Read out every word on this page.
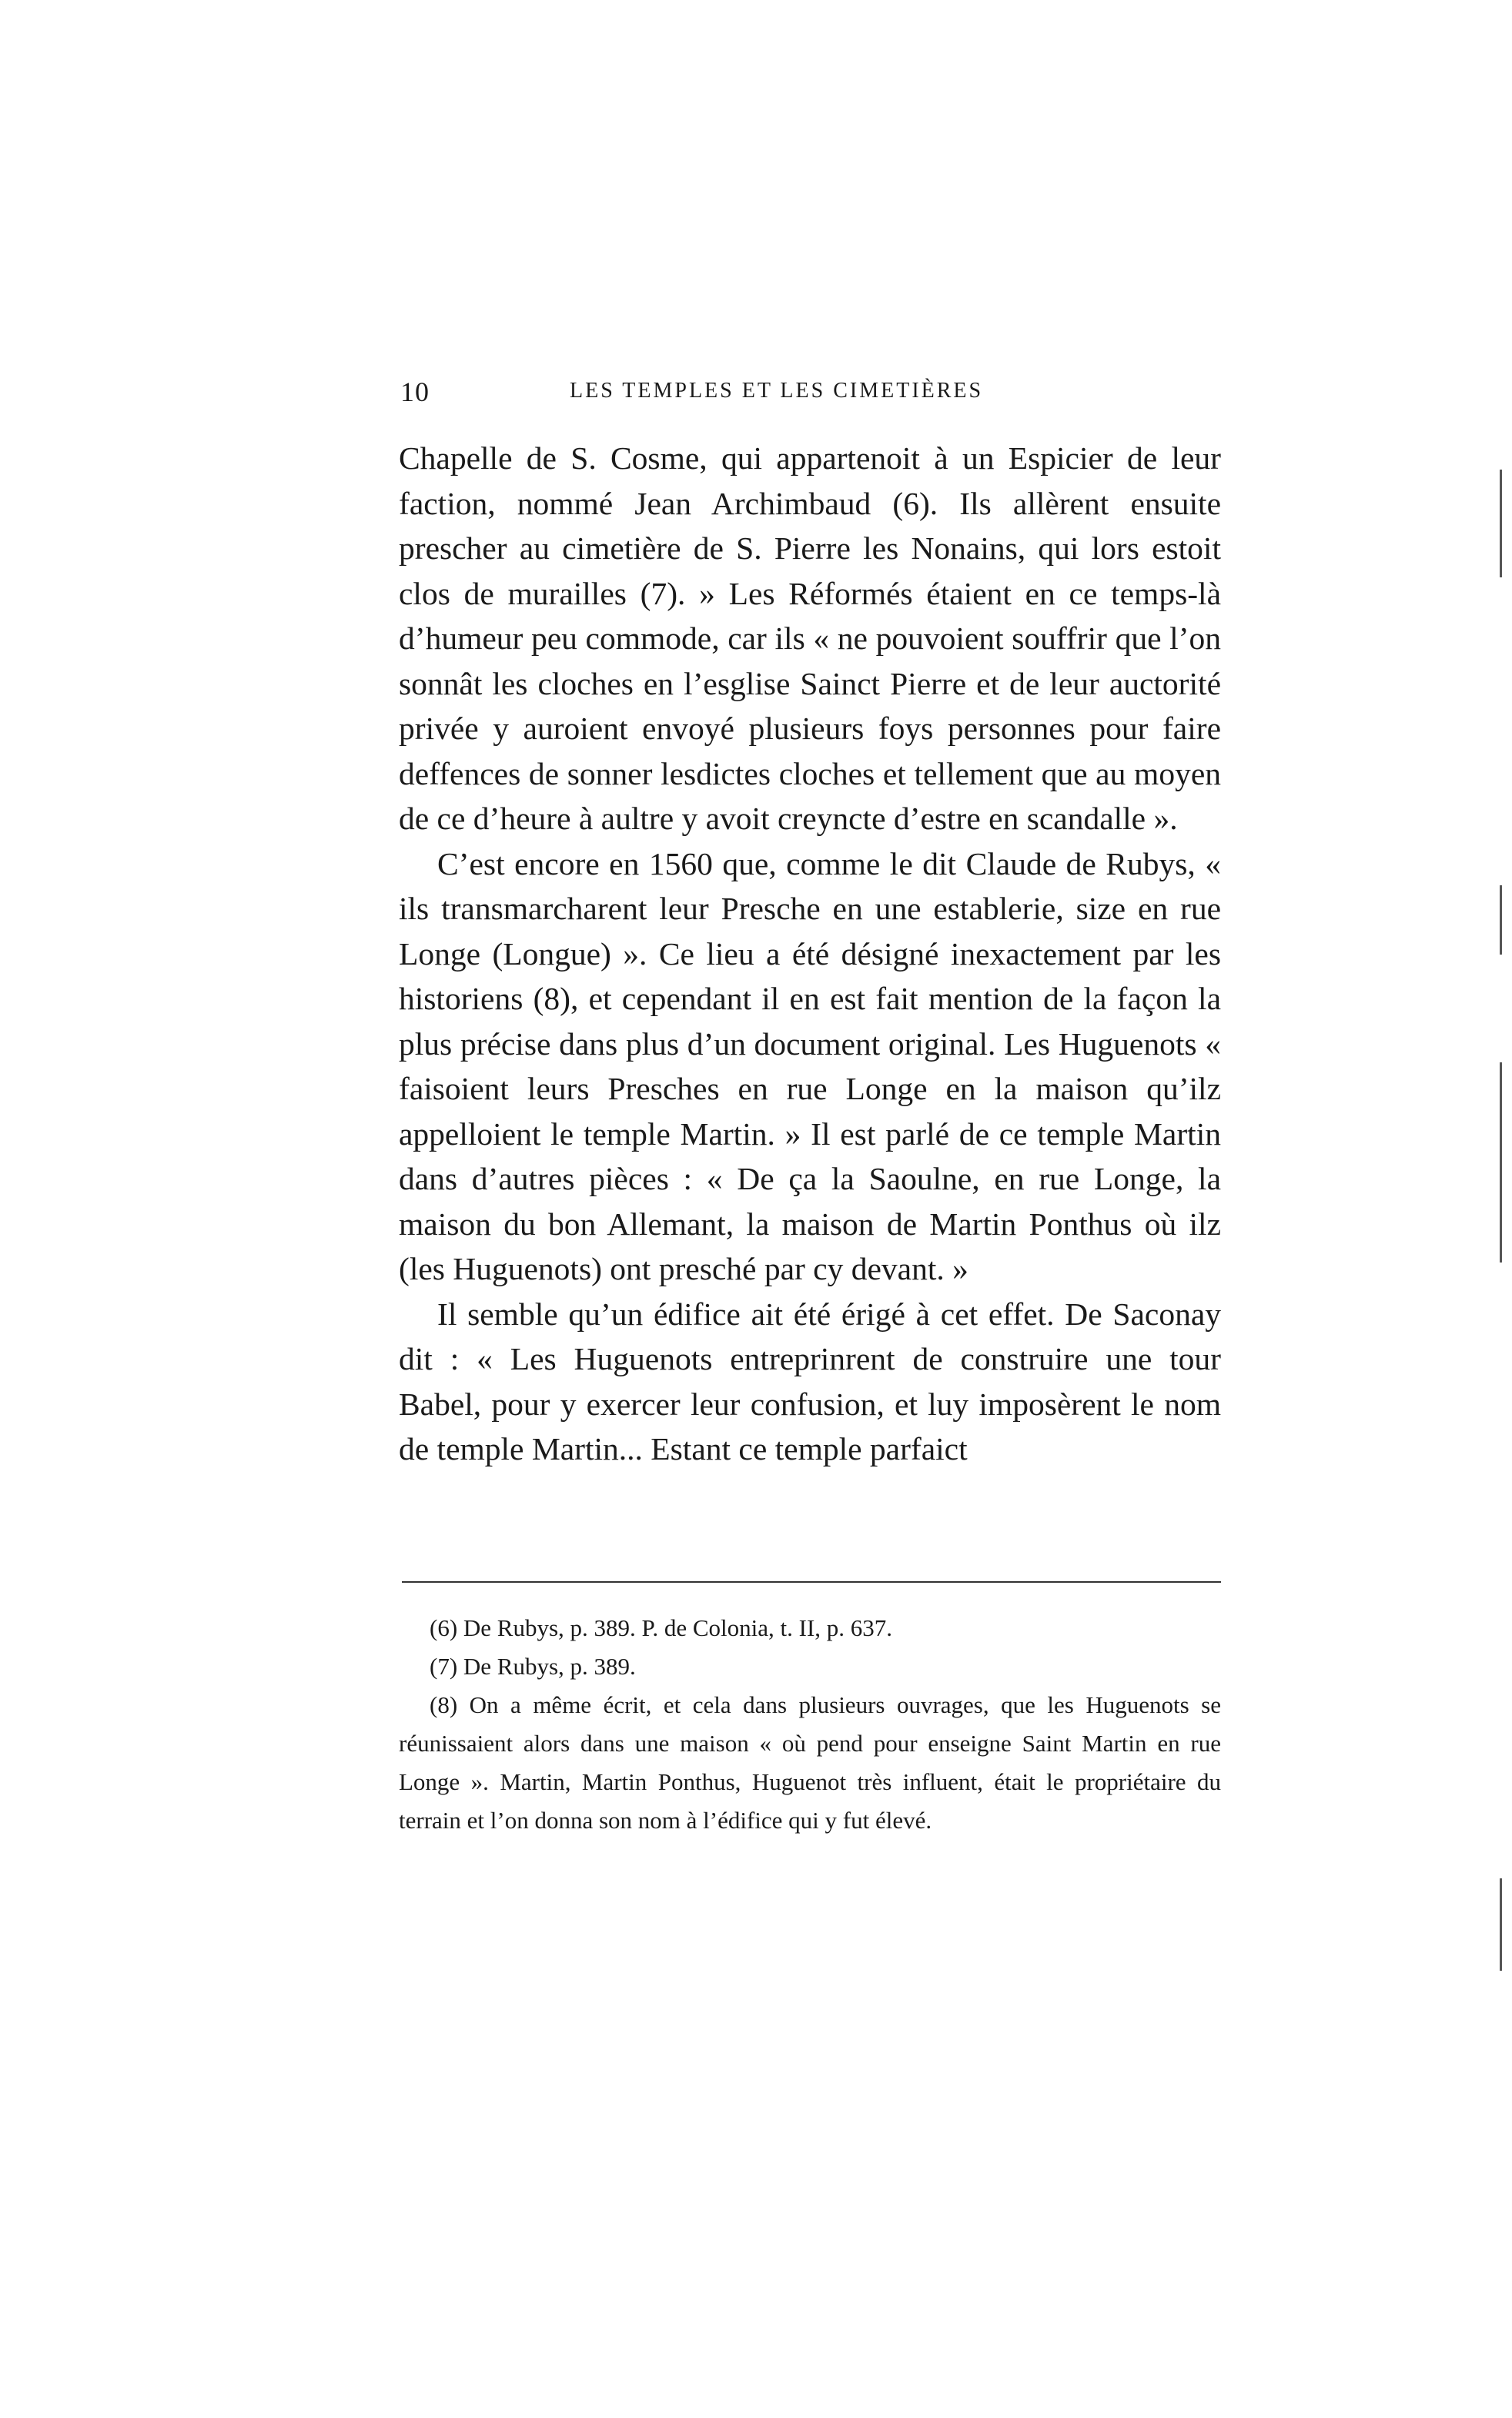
10	LES TEMPLES ET LES CIMETIÈRES

Chapelle de S. Cosme, qui appartenoit à un Espicier de leur faction, nommé Jean Archimbaud (6). Ils allèrent ensuite prescher au cimetière de S. Pierre les Nonains, qui lors estoit clos de murailles (7). » Les Réformés étaient en ce temps-là d’humeur peu commode, car ils « ne pouvoient souffrir que l’on sonnât les cloches en l’esglise Sainct Pierre et de leur auctorité privée y auroient envoyé plusieurs foys personnes pour faire deffences de sonner lesdictes cloches et tellement que au moyen de ce d’heure à aultre y avoit creyncte d’estre en scandalle ».

C’est encore en 1560 que, comme le dit Claude de Rubys, « ils transmarcharent leur Presche en une establerie, size en rue Longe (Longue) ». Ce lieu a été désigné inexactement par les historiens (8), et cependant il en est fait mention de la façon la plus précise dans plus d’un document original. Les Huguenots « faisoient leurs Presches en rue Longe en la maison qu’ilz appelloient le temple Martin. » Il est parlé de ce temple Martin dans d’autres pièces : « De ça la Saoulne, en rue Longe, la maison du bon Allemant, la maison de Martin Ponthus où ilz (les Huguenots) ont presché par cy devant. »

Il semble qu’un édifice ait été érigé à cet effet. De Saconay dit : « Les Huguenots entreprinrent de construire une tour Babel, pour y exercer leur confusion, et luy imposèrent le nom de temple Martin... Estant ce temple parfaict

(6) De Rubys, p. 389. P. de Colonia, t. II, p. 637.

(7) De Rubys, p. 389.

(8) On a même écrit, et cela dans plusieurs ouvrages, que les Huguenots se réunissaient alors dans une maison « où pend pour enseigne Saint Martin en rue Longe ». Martin, Martin Ponthus, Huguenot très influent, était le propriétaire du terrain et l’on donna son nom à l’édifice qui y fut élevé.
